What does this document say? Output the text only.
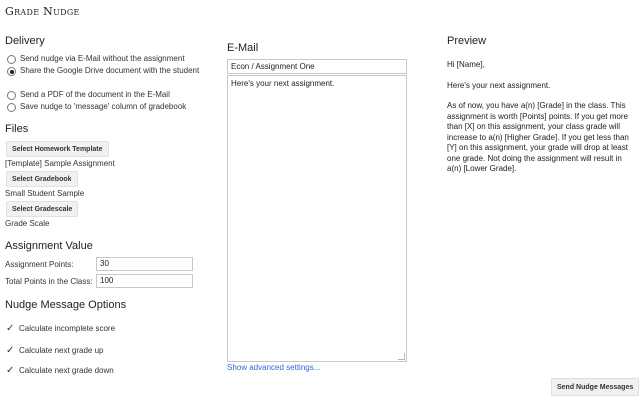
Grade Nudge
Delivery
Send nudge via E-Mail without the assignment
Share the Google Drive document with the student
Send a PDF of the document in the E-Mail
Save nudge to 'message' column of gradebook
Files
Select Homework Template
[Template] Sample Assignment
Select Gradebook
Small Student Sample
Select Gradescale
Grade Scale
Assignment Value
Assignment Points:	30
Total Points in the Class: 100
Nudge Message Options
✓ Calculate incomplete score
✓ Calculate next grade up
✓ Calculate next grade down
E-Mail
Econ / Assignment One
Here's your next assignment.
Show advanced settings...
Preview

Hi [Name],

Here's your next assignment.

As of now, you have a(n) [Grade] in the class. This assignment is worth [Points] points. If you get more than [X] on this assignment, your class grade will increase to a(n) [Higher Grade]. If you get less than [Y] on this assignment, your grade will drop at least one grade. Not doing the assignment will result in a(n) [Lower Grade].

Send Nudge Messages
